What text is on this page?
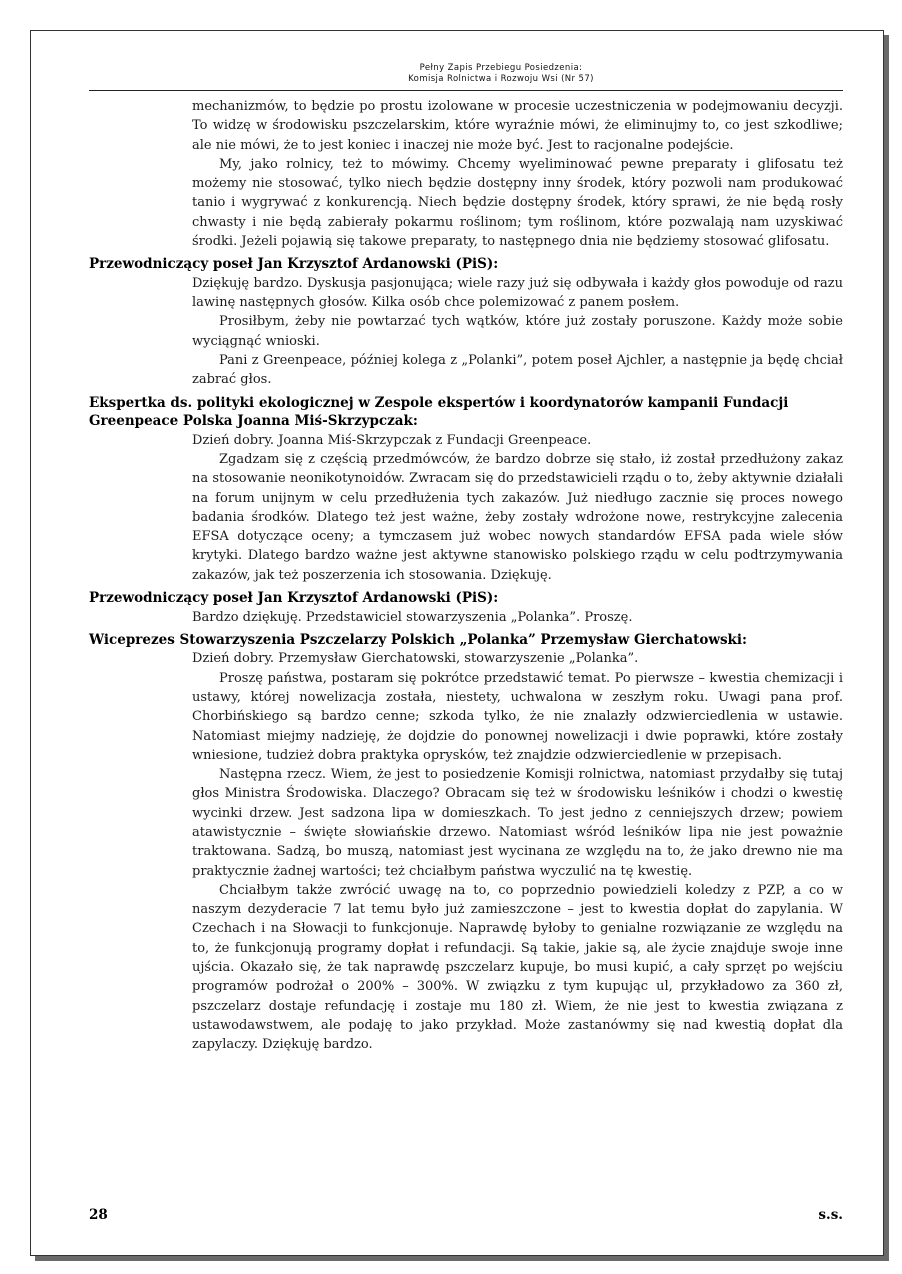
Pełny Zapis Przebiegu Posiedzenia:
Komisja Rolnictwa i Rozwoju Wsi (Nr 57)

mechanizmów, to będzie po prostu izolowane w procesie uczestniczenia w podejmowaniu decyzji. To widzę w środowisku pszczelarskim, które wyraźnie mówi, że eliminujmy to, co jest szkodliwe; ale nie mówi, że to jest koniec i inaczej nie może być. Jest to racjonalne podejście.

My, jako rolnicy, też to mówimy. Chcemy wyeliminować pewne preparaty i glifosatu też możemy nie stosować, tylko niech będzie dostępny inny środek, który pozwoli nam produkować tanio i wygrywać z konkurencją. Niech będzie dostępny środek, który sprawi, że nie będą rosły chwasty i nie będą zabierały pokarmu roślinom; tym roślinom, które pozwalają nam uzyskiwać środki. Jeżeli pojawią się takowe preparaty, to następnego dnia nie będziemy stosować glifosatu.

Przewodniczący poseł Jan Krzysztof Ardanowski (PiS):

Dziękuję bardzo. Dyskusja pasjonująca; wiele razy już się odbywała i każdy głos powoduje od razu lawinę następnych głosów. Kilka osób chce polemizować z panem posłem.

Prosiłbym, żeby nie powtarzać tych wątków, które już zostały poruszone. Każdy może sobie wyciągnąć wnioski.

Pani z Greenpeace, później kolega z „Polanki”, potem poseł Ajchler, a następnie ja będę chciał zabrać głos.

Ekspertka ds. polityki ekologicznej w Zespole ekspertów i koordynatorów kampanii Fundacji Greenpeace Polska Joanna Miś-Skrzypczak:

Dzień dobry. Joanna Miś-Skrzypczak z Fundacji Greenpeace.

Zgadzam się z częścią przedmówców, że bardzo dobrze się stało, iż został przedłużony zakaz na stosowanie neonikotynoidów. Zwracam się do przedstawicieli rządu o to, żeby aktywnie działali na forum unijnym w celu przedłużenia tych zakazów. Już niedługo zacznie się proces nowego badania środków. Dlatego też jest ważne, żeby zostały wdrożone nowe, restrykcyjne zalecenia EFSA dotyczące oceny; a tymczasem już wobec nowych standardów EFSA pada wiele słów krytyki. Dlatego bardzo ważne jest aktywne stanowisko polskiego rządu w celu podtrzymywania zakazów, jak też poszerzenia ich stosowania. Dziękuję.

Przewodniczący poseł Jan Krzysztof Ardanowski (PiS):

Bardzo dziękuję. Przedstawiciel stowarzyszenia „Polanka”. Proszę.

Wiceprezes Stowarzyszenia Pszczelarzy Polskich „Polanka” Przemysław Gierchatowski:

Dzień dobry. Przemysław Gierchatowski, stowarzyszenie „Polanka”.

Proszę państwa, postaram się pokrótce przedstawić temat. Po pierwsze – kwestia chemizacji i ustawy, której nowelizacja została, niestety, uchwalona w zeszłym roku. Uwagi pana prof. Chorbińskiego są bardzo cenne; szkoda tylko, że nie znalazły odzwierciedlenia w ustawie. Natomiast miejmy nadzieję, że dojdzie do ponownej nowelizacji i dwie poprawki, które zostały wniesione, tudzież dobra praktyka oprysków, też znajdzie odzwierciedlenie w przepisach.

Następna rzecz. Wiem, że jest to posiedzenie Komisji rolnictwa, natomiast przydałby się tutaj głos Ministra Środowiska. Dlaczego? Obracam się też w środowisku leśników i chodzi o kwestię wycinki drzew. Jest sadzona lipa w domieszkach. To jest jedno z cenniejszych drzew; powiem atawistycznie – święte słowiańskie drzewo. Natomiast wśród leśników lipa nie jest poważnie traktowana. Sadzą, bo muszą, natomiast jest wycinana ze względu na to, że jako drewno nie ma praktycznie żadnej wartości; też chciałbym państwa wyczulić na tę kwestię.

Chciałbym także zwrócić uwagę na to, co poprzednio powiedzieli koledzy z PZP, a co w naszym dezyderacie 7 lat temu było już zamieszczone – jest to kwestia dopłat do zapylania. W Czechach i na Słowacji to funkcjonuje. Naprawdę byłoby to genialne rozwiązanie ze względu na to, że funkcjonują programy dopłat i refundacji. Są takie, jakie są, ale życie znajduje swoje inne ujścia. Okazało się, że tak naprawdę pszczelarz kupuje, bo musi kupić, a cały sprzęt po wejściu programów podrożał o 200% – 300%. W związku z tym kupując ul, przykładowo za 360 zł, pszczelarz dostaje refundację i zostaje mu 180 zł. Wiem, że nie jest to kwestia związana z ustawodawstwem, ale podaję to jako przykład. Może zastanówmy się nad kwestią dopłat dla zapylaczy. Dziękuję bardzo.

28	s.s.
